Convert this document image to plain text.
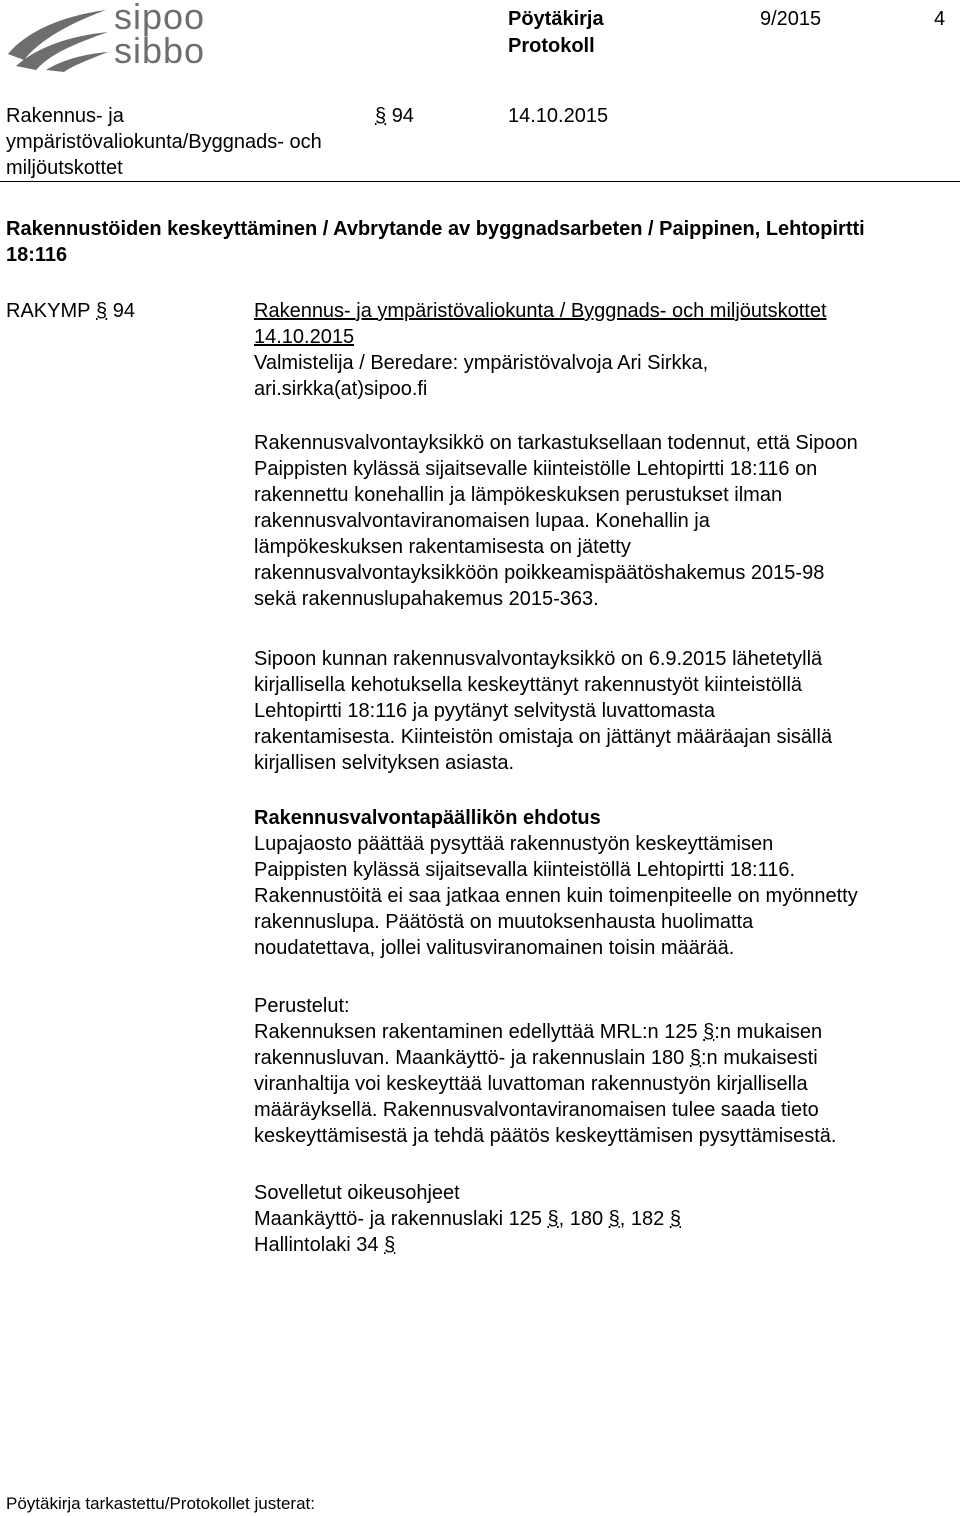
sipoo
sibbo
Pöytäkirja
Protokoll
9/2015	4
Rakennus- ja
ympäristövaliokunta/Byggnads- och
miljöutskottet
§ 94	14.10.2015
Rakennustöiden keskeyttäminen / Avbrytande av byggnadsarbeten / Paippinen, Lehtopirtti 18:116
RAKYMP § 94	Rakennus- ja ympäristövaliokunta / Byggnads- och miljöutskottet
14.10.2015
Valmistelija / Beredare: ympäristövalvoja Ari Sirkka,
ari.sirkka(at)sipoo.fi
Rakennusvalvontayksikkö on tarkastuksellaan todennut, että Sipoon
Paippisten kylässä sijaitsevalle kiinteistölle Lehtopirtti 18:116 on
rakennettu konehallin ja lämpökeskuksen perustukset ilman
rakennusvalvontaviranomaisen lupaa. Konehallin ja
lämpökeskuksen rakentamisesta on jätetty
rakennusvalvontayksikköön poikkeamispäätöshakemus 2015-98
sekä rakennuslupahakemus 2015-363.
Sipoon kunnan rakennusvalvontayksikkö on 6.9.2015 lähetetyllä
kirjallisella kehotuksella keskeyttänyt rakennustyöt kiinteistöllä
Lehtopirtti 18:116 ja pyytänyt selvitystä luvattomasta
rakentamisesta. Kiinteistön omistaja on jättänyt määräajan sisällä
kirjallisen selvityksen asiasta.
Rakennusvalvontapäällikön ehdotus
Lupajaosto päättää pysyttää rakennustyön keskeyttämisen
Paippisten kylässä sijaitsevalla kiinteistöllä Lehtopirtti 18:116.
Rakennustöitä ei saa jatkaa ennen kuin toimenpiteelle on myönnetty
rakennuslupa. Päätöstä on muutoksenhausta huolimatta
noudatettava, jollei valitusviranomainen toisin määrää.
Perustelut:
Rakennuksen rakentaminen edellyttää MRL:n 125 §:n mukaisen
rakennusluvan. Maankäyttö- ja rakennuslain 180 §:n mukaisesti
viranhaltija voi keskeyttää luvattoman rakennustyön kirjallisella
määräyksellä. Rakennusvalvontaviranomaisen tulee saada tieto
keskeyttämisestä ja tehdä päätös keskeyttämisen pysyttämisestä.
Sovelletut oikeusohjeet
Maankäyttö- ja rakennuslaki 125 §, 180 §, 182 §
Hallintolaki 34 §
Pöytäkirja tarkastettu/Protokollet justerat:
